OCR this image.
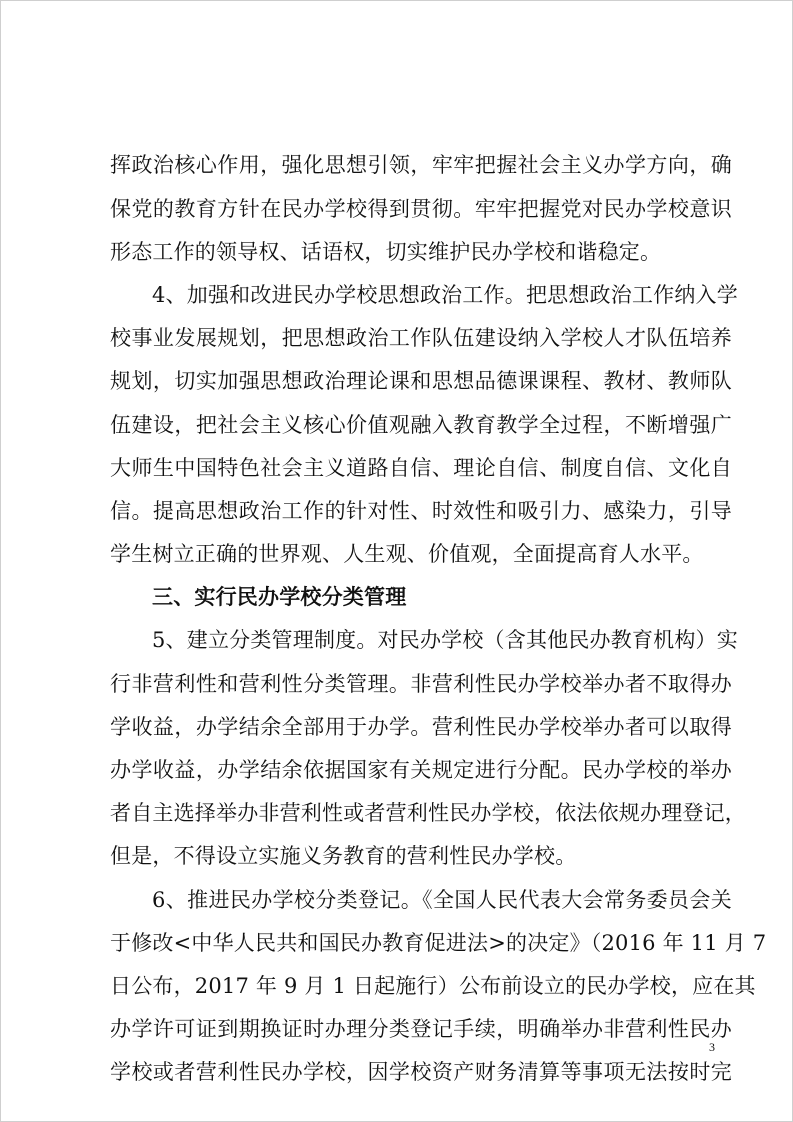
挥政治核心作用，强化思想引领，牢牢把握社会主义办学方向，确
保党的教育方针在民办学校得到贯彻。牢牢把握党对民办学校意识
形态工作的领导权、话语权，切实维护民办学校和谐稳定。
4、加强和改进民办学校思想政治工作。把思想政治工作纳入学
校事业发展规划，把思想政治工作队伍建设纳入学校人才队伍培养
规划，切实加强思想政治理论课和思想品德课课程、教材、教师队
伍建设，把社会主义核心价值观融入教育教学全过程，不断增强广
大师生中国特色社会主义道路自信、理论自信、制度自信、文化自
信。提高思想政治工作的针对性、时效性和吸引力、感染力，引导
学生树立正确的世界观、人生观、价值观，全面提高育人水平。
三、实行民办学校分类管理
5、建立分类管理制度。对民办学校（含其他民办教育机构）实
行非营利性和营利性分类管理。非营利性民办学校举办者不取得办
学收益，办学结余全部用于办学。营利性民办学校举办者可以取得
办学收益，办学结余依据国家有关规定进行分配。民办学校的举办
者自主选择举办非营利性或者营利性民办学校，依法依规办理登记，
但是，不得设立实施义务教育的营利性民办学校。
6、推进民办学校分类登记。《全国人民代表大会常务委员会关
于修改<中华人民共和国民办教育促进法>的决定》（2016 年 11 月 7
日公布，2017 年 9 月 1 日起施行）公布前设立的民办学校，应在其
办学许可证到期换证时办理分类登记手续，明确举办非营利性民办
学校或者营利性民办学校，因学校资产财务清算等事项无法按时完
3
